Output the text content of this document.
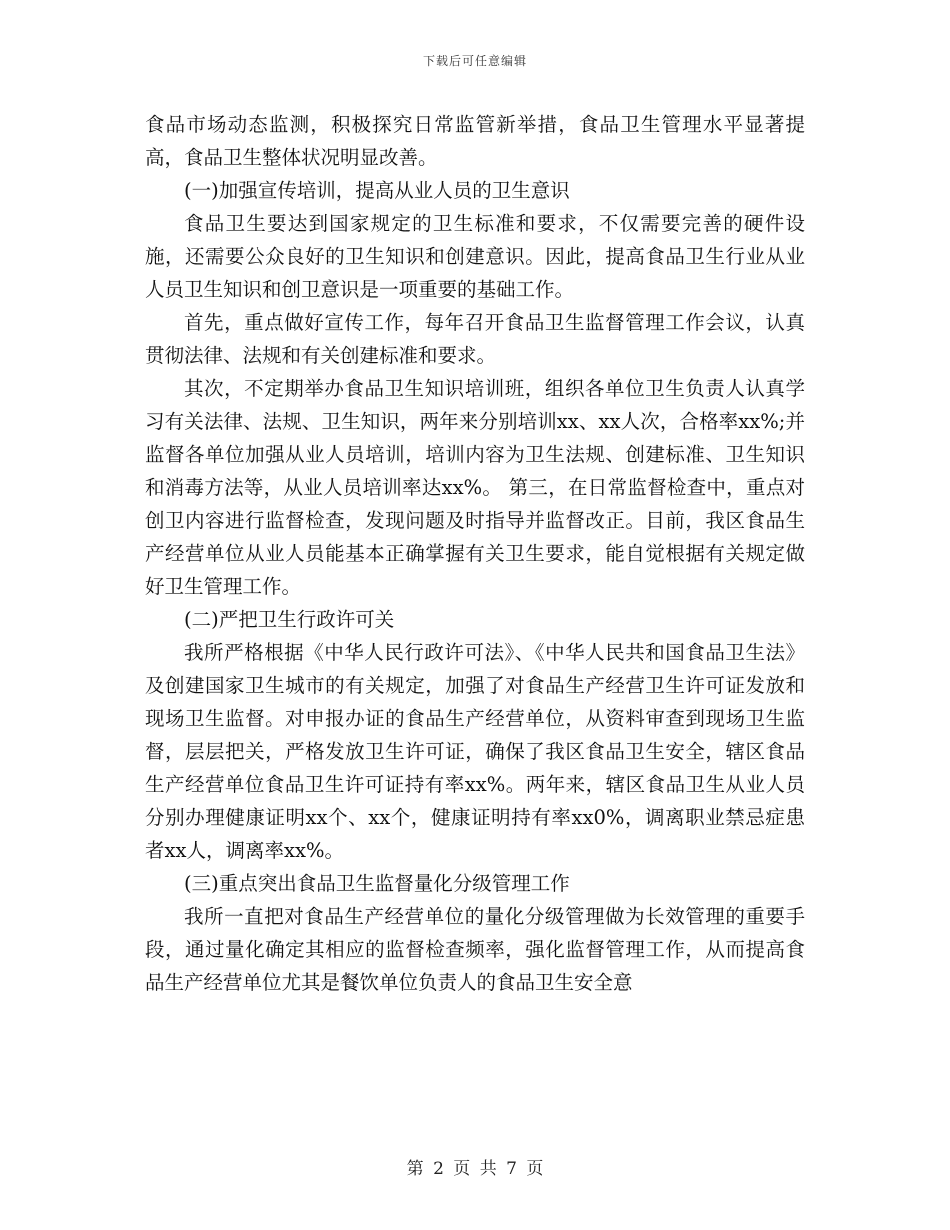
下载后可任意编辑

食品市场动态监测，积极探究日常监管新举措，食品卫生管理水平显著提高，食品卫生整体状况明显改善。

(一)加强宣传培训，提高从业人员的卫生意识

食品卫生要达到国家规定的卫生标准和要求，不仅需要完善的硬件设施，还需要公众良好的卫生知识和创建意识。因此，提高食品卫生行业从业人员卫生知识和创卫意识是一项重要的基础工作。

首先，重点做好宣传工作，每年召开食品卫生监督管理工作会议，认真贯彻法律、法规和有关创建标准和要求。

其次，不定期举办食品卫生知识培训班，组织各单位卫生负责人认真学习有关法律、法规、卫生知识，两年来分别培训xx、xx人次，合格率xx%;并监督各单位加强从业人员培训，培训内容为卫生法规、创建标准、卫生知识和消毒方法等，从业人员培训率达xx%。 第三，在日常监督检查中，重点对创卫内容进行监督检查，发现问题及时指导并监督改正。目前，我区食品生产经营单位从业人员能基本正确掌握有关卫生要求，能自觉根据有关规定做好卫生管理工作。

(二)严把卫生行政许可关

我所严格根据《中华人民行政许可法》、《中华人民共和国食品卫生法》及创建国家卫生城市的有关规定，加强了对食品生产经营卫生许可证发放和现场卫生监督。对申报办证的食品生产经营单位，从资料审查到现场卫生监督，层层把关，严格发放卫生许可证，确保了我区食品卫生安全，辖区食品生产经营单位食品卫生许可证持有率xx%。两年来，辖区食品卫生从业人员分别办理健康证明xx个、xx个，健康证明持有率xx0%，调离职业禁忌症患者xx人，调离率xx%。

(三)重点突出食品卫生监督量化分级管理工作

我所一直把对食品生产经营单位的量化分级管理做为长效管理的重要手段，通过量化确定其相应的监督检查频率，强化监督管理工作，从而提高食品生产经营单位尤其是餐饮单位负责人的食品卫生安全意

第 2 页 共 7 页
